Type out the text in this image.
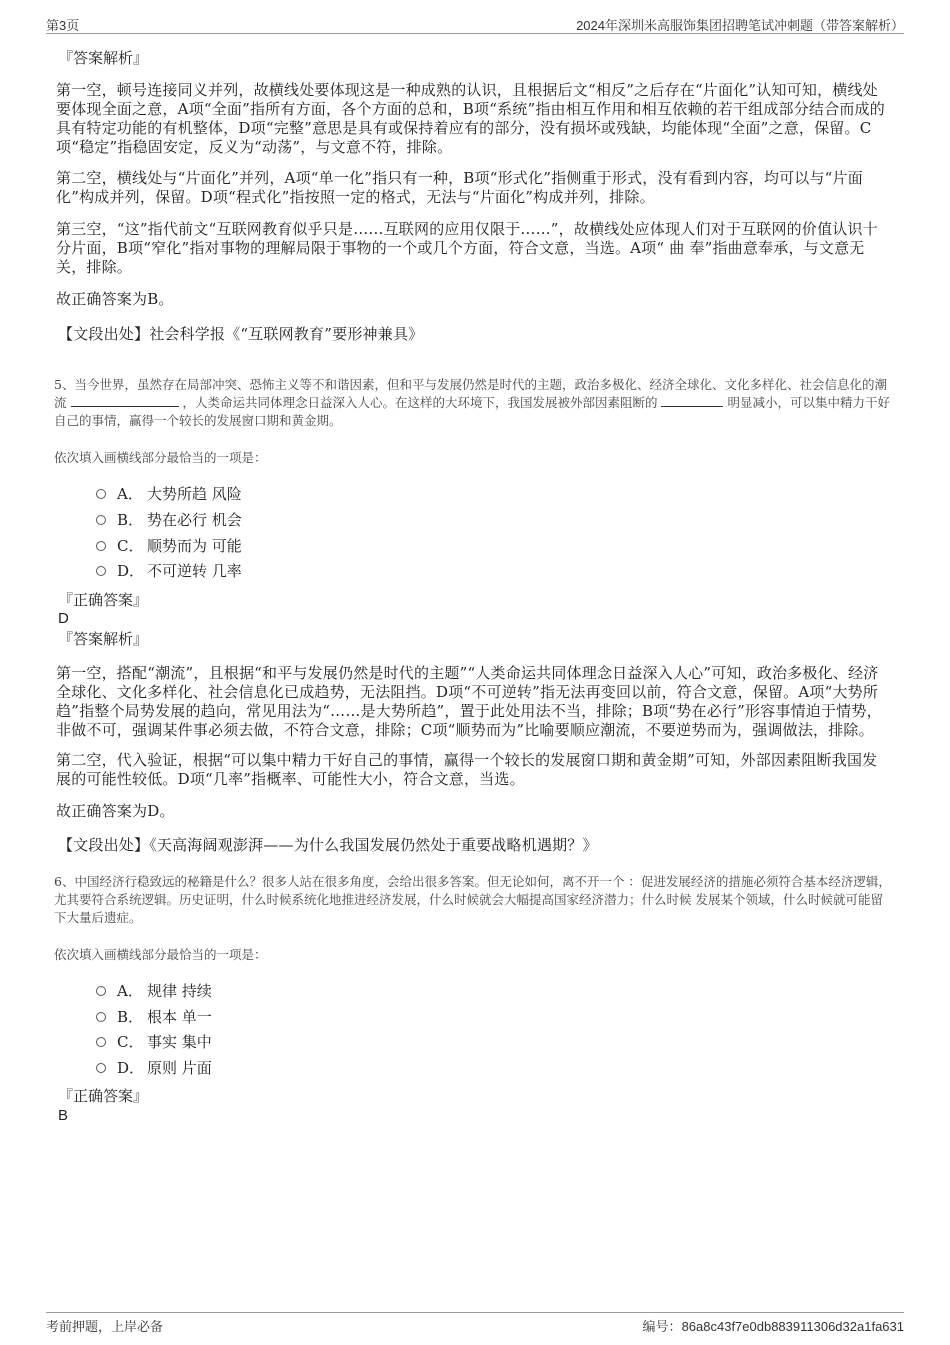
第3页	2024年深圳米高服饰集团招聘笔试冲刺题（带答案解析）
『答案解析』
第一空，顿号连接同义并列，故横线处要体现这是一种成熟的认识，且根据后文“相反”之后存在“片面化”认知可知，横线处要体现全面之意，A项“全面”指所有方面，各个方面的总和，B项“系统”指由相互作用和相互依赖的若干组成部分结合而成的具有特定功能的有机整体，D项“完整”意思是具有或保持着应有的部分，没有损坏或残缺，均能体现“全面”之意，保留。C项“稳定”指稳固安定，反义为“动荡”，与文意不符，排除。
第二空，横线处与“片面化”并列，A项“单一化”指只有一种，B项“形式化”指侧重于形式，没有看到内容，均可以与“片面化”构成并列，保留。D项“程式化”指按照一定的格式，无法与“片面化”构成并列，排除。
第三空，“这”指代前文“互联网教育似乎只是……互联网的应用仅限于……”，故横线处应体现人们对于互联网的价值认识十分片面，B项“窄化”指对事物的理解局限于事物的一个或几个方面，符合文意，当选。A项“ 曲 奉”指曲意奉承，与文意无关，排除。
故正确答案为B。
【文段出处】社会科学报《“互联网教育”要形神兼具》
5、当今世界，虽然存在局部冲突、恐怖主义等不和谐因素，但和平与发展仍然是时代的主题，政治多极化、经济全球化、文化多样化、社会信息化的潮流	，人类命运共同体理念日益深入人心。在这样的大环境下，我国发展被外部因素阻断的	明显减小，可以集中精力干好自己的事情，赢得一个较长的发展窗口期和黄金期。
依次填入画横线部分最恰当的一项是：
A． 大势所趋 风险
B． 势在必行 机会
C． 顺势而为 可能
D． 不可逆转 几率
『正确答案』
D
『答案解析』
第一空，搭配“潮流”，且根据“和平与发展仍然是时代的主题”“人类命运共同体理念日益深入人心”可知，政治多极化、经济全球化、文化多样化、社会信息化已成趋势，无法阻挡。D项“不可逆转”指无法再变回以前，符合文意，保留。A项“大势所趋”指整个局势发展的趋向，常见用法为“……是大势所趋”，置于此处用法不当，排除；B项“势在必行”形容事情迫于情势，非做不可，强调某件事必须去做，不符合文意，排除；C项“顺势而为”比喻要顺应潮流，不要逆势而为，强调做法，排除。
第二空，代入验证，根据“可以集中精力干好自己的事情，赢得一个较长的发展窗口期和黄金期”可知，外部因素阻断我国发展的可能性较低。D项“几率”指概率、可能性大小，符合文意，当选。
故正确答案为D。
【文段出处】《天高海阔观澎湃——为什么我国发展仍然处于重要战略机遇期？》
6、中国经济行稳致远的秘籍是什么？很多人站在很多角度，会给出很多答案。但无论如何，离不开一个 ：促进发展经济的措施必须符合基本经济逻辑，尤其要符合系统逻辑。历史证明，什么时候系统化地推进经济发展，什么时候就会大幅提高国家经济潜力；什么时候 发展某个领域，什么时候就可能留下大量后遗症。
依次填入画横线部分最恰当的一项是：
A． 规律 持续
B． 根本 单一
C． 事实 集中
D． 原则 片面
『正确答案』
B
考前押题，上岸必备	编号：86a8c43f7e0db883911306d32a1fa631
